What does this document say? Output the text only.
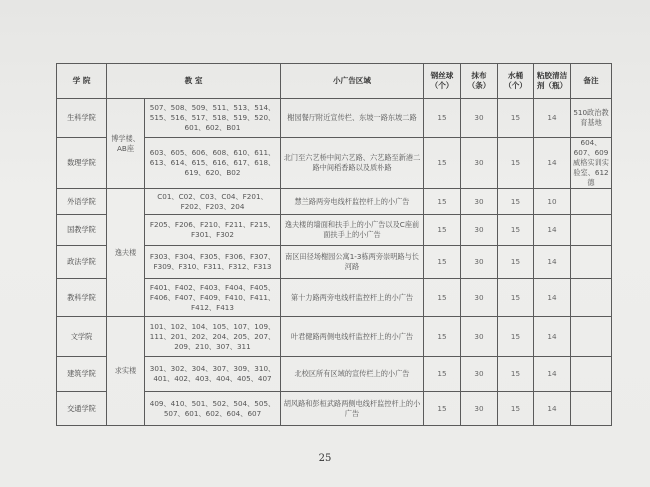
学 院	教 室		小广告区域	钢丝球（个）	抹布（条）	水桶（个）	粘胶清洁剂（瓶）	备注
生科学院	博学楼、AB座	507、508、509、511、513、514、515、516、517、518、519、520、601、602、B01	榭园餐厅附近宣传栏、东坡一路东坡二路	15	30	15	14	510政治教育基地
数理学院		603、605、606、608、610、611、613、614、615、616、617、618、619、620、B02	北门至六艺桥中间六艺路、六艺路至新港二路中间稻香路以及质朴路	15	30	15	14	604、607、609威格实训实验室、612德
外语学院	逸夫楼	C01、C02、C03、C04、F201、F202、F203、204	慧兰路两旁电线杆监控杆上的小广告	15	30	15	10	
国教学院		F205、F206、F210、F211、F215、F301、F302	逸夫楼的墙面和扶手上的小广告以及C座前面扶手上的小广告	15	30	15	14	
政法学院		F303、F304、F305、F306、F307、F309、F310、F311、F312、F313	南区田径场榭园公寓1-3栋两旁崇明路与长河路	15	30	15	14	
教科学院		F401、F402、F403、F404、F405、F406、F407、F409、F410、F411、F412、F413	第十力路两旁电线杆监控杆上的小广告	15	30	15	14	
文学院	求实楼	101、102、104、105、107、109、111、201、202、204、205、207、209、210、307、311	叶君健路两侧电线杆监控杆上的小广告	15	30	15	14	
建筑学院		301、302、304、307、309、310、401、402、403、404、405、407	北校区所有区域的宣传栏上的小广告	15	30	15	14	
交通学院		409、410、501、502、504、505、507、601、602、604、607	胡风路和彭桓武路两侧电线杆监控杆上的小广告	15	30	15	14	
25
